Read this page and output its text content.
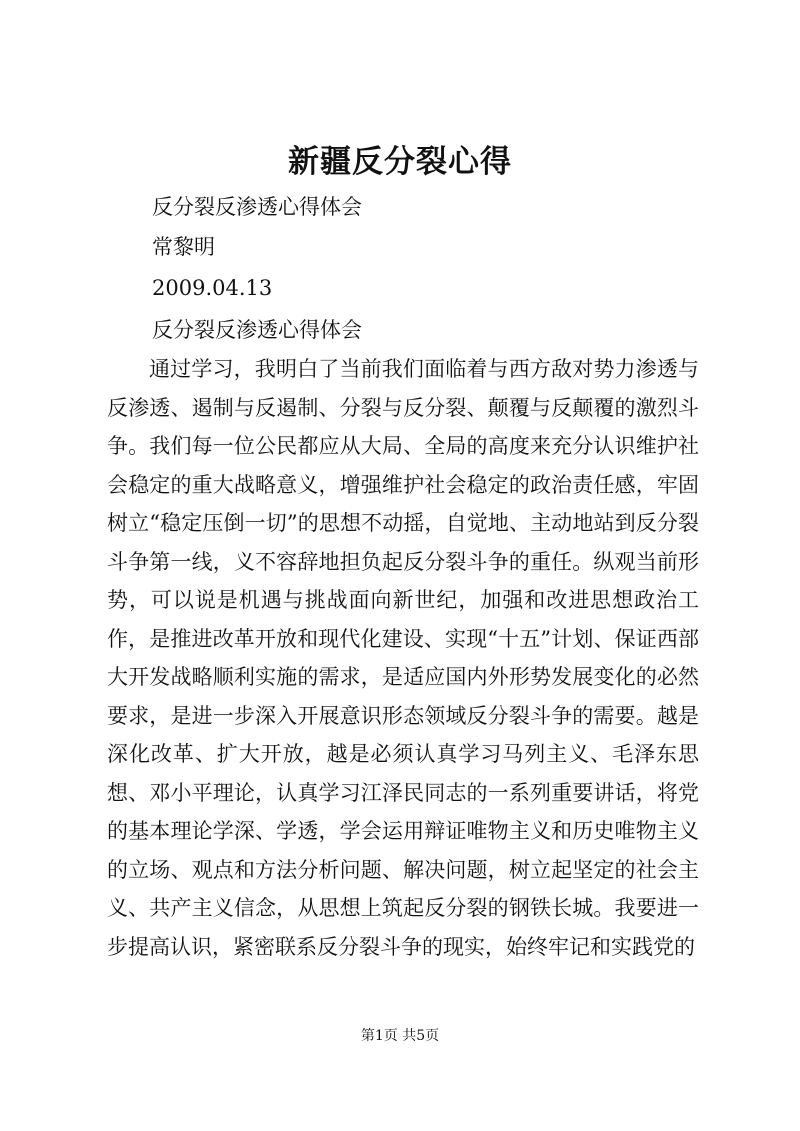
新疆反分裂心得
反分裂反渗透心得体会
常黎明
2009.04.13
反分裂反渗透心得体会

通过学习，我明白了当前我们面临着与西方敌对势力渗透与反渗透、遏制与反遏制、分裂与反分裂、颠覆与反颠覆的激烈斗争。我们每一位公民都应从大局、全局的高度来充分认识维护社会稳定的重大战略意义，增强维护社会稳定的政治责任感，牢固树立“稳定压倒一切”的思想不动摇，自觉地、主动地站到反分裂斗争第一线，义不容辞地担负起反分裂斗争的重任。纵观当前形势，可以说是机遇与挑战面向新世纪，加强和改进思想政治工作，是推进改革开放和现代化建设、实现“十五”计划、保证西部大开发战略顺利实施的需求，是适应国内外形势发展变化的必然要求，是进一步深入开展意识形态领域反分裂斗争的需要。越是深化改革、扩大开放，越是必须认真学习马列主义、毛泽东思想、邓小平理论，认真学习江泽民同志的一系列重要讲话，将党的基本理论学深、学透，学会运用辩证唯物主义和历史唯物主义的立场、观点和方法分析问题、解决问题，树立起坚定的社会主义、共产主义信念，从思想上筑起反分裂的钢铁长城。我要进一步提高认识，紧密联系反分裂斗争的现实，始终牢记和实践党的

第1页 共5页
